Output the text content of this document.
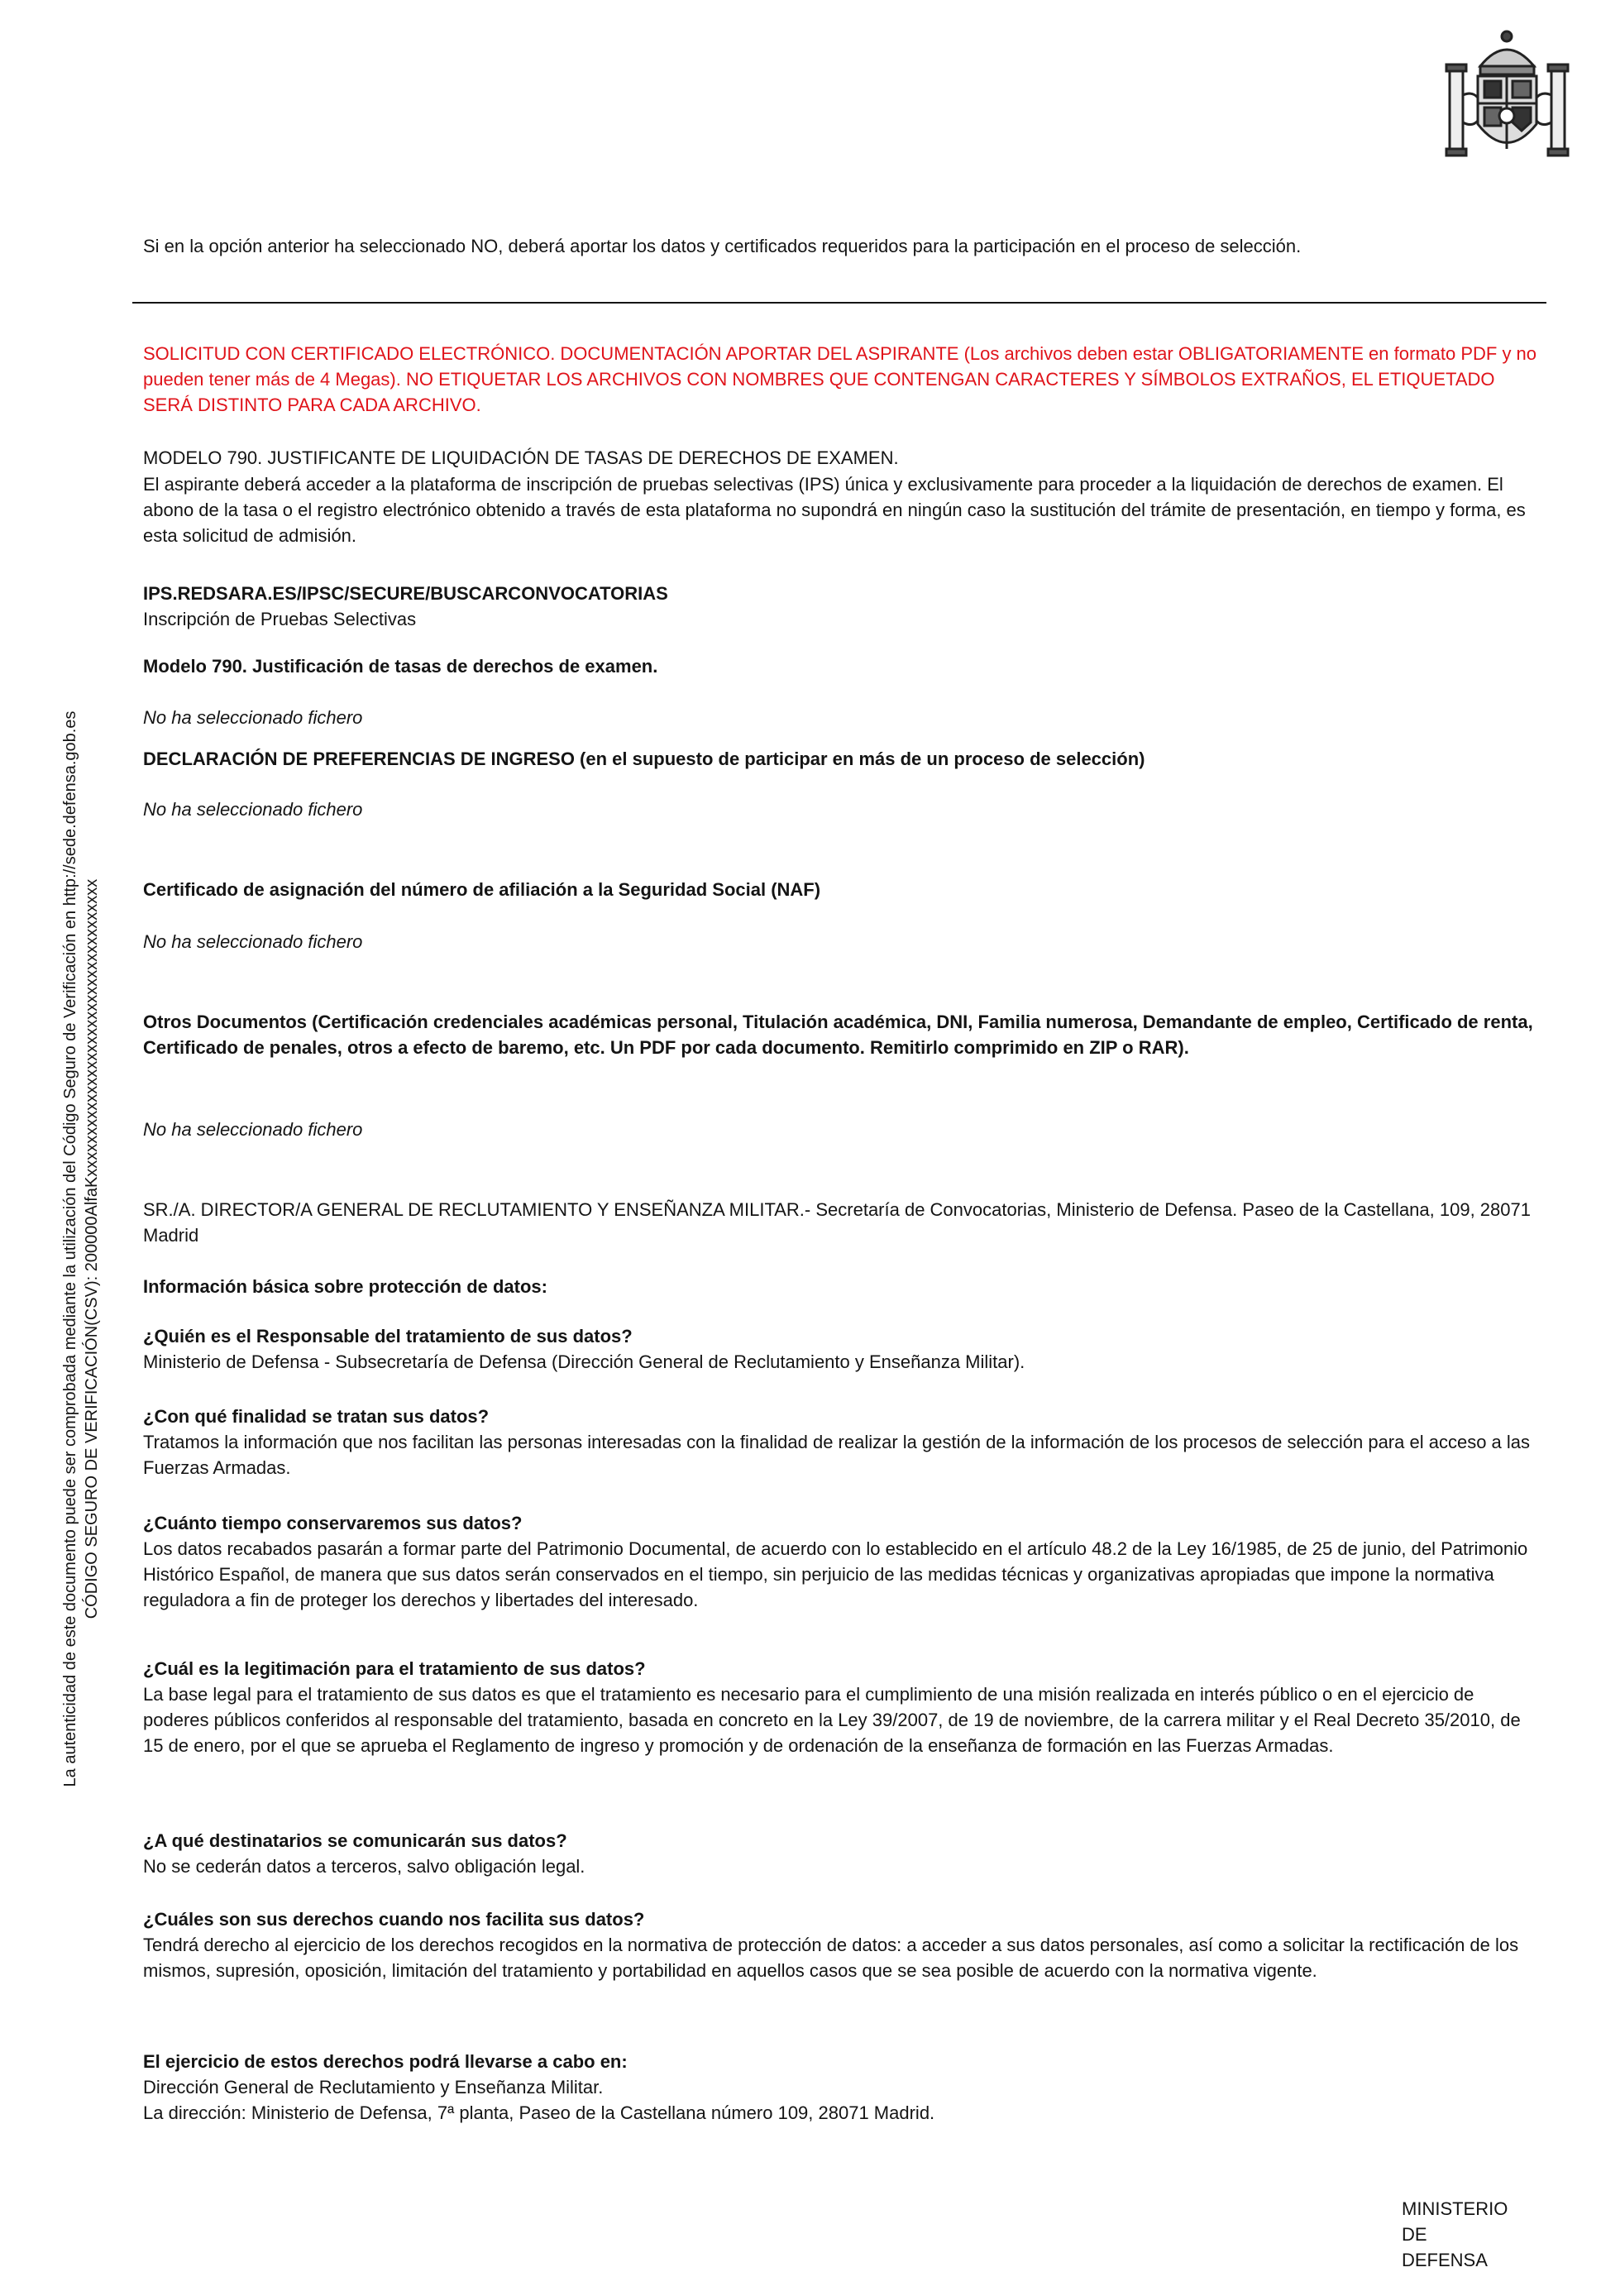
La autenticidad de este documento puede ser comprobada mediante la utilización del Código Seguro de Verificación en http://sede.defensa.gob.es CÓDIGO SEGURO DE VERIFICACIÓN(CSV): 200000AlfaKxxxxxxxxxxxxxxxxxxxxxxxxxxxxxxxxxxxx

Si en la opción anterior ha seleccionado NO, deberá aportar los datos y certificados requeridos para la participación en el proceso de selección.

SOLICITUD CON CERTIFICADO ELECTRÓNICO. DOCUMENTACIÓN APORTAR DEL ASPIRANTE (Los archivos deben estar OBLIGATORIAMENTE en formato PDF y no pueden tener más de 4 Megas). NO ETIQUETAR LOS ARCHIVOS CON NOMBRES QUE CONTENGAN CARACTERES Y SÍMBOLOS EXTRAÑOS, EL ETIQUETADO SERÁ DISTINTO PARA CADA ARCHIVO.

MODELO 790. JUSTIFICANTE DE LIQUIDACIÓN DE TASAS DE DERECHOS DE EXAMEN.

El aspirante deberá acceder a la plataforma de inscripción de pruebas selectivas (IPS) única y exclusivamente para proceder a la liquidación de derechos de examen. El abono de la tasa o el registro electrónico obtenido a través de esta plataforma no supondrá en ningún caso la sustitución del trámite de presentación, en tiempo y forma, es esta solicitud de admisión.

IPS.REDSARA.ES/IPSC/SECURE/BUSCARCONVOCATORIAS

Inscripción de Pruebas Selectivas

Modelo 790. Justificación de tasas de derechos de examen.

No ha seleccionado fichero

DECLARACIÓN DE PREFERENCIAS DE INGRESO (en el supuesto de participar en más de un proceso de selección)

No ha seleccionado fichero

Certificado de asignación del número de afiliación a la Seguridad Social (NAF)

No ha seleccionado fichero

Otros Documentos (Certificación credenciales académicas personal, Titulación académica, DNI, Familia numerosa, Demandante de empleo, Certificado de renta, Certificado de penales, otros a efecto de baremo, etc. Un PDF por cada documento. Remitirlo comprimido en ZIP o RAR).

No ha seleccionado fichero

SR./A. DIRECTOR/A GENERAL DE RECLUTAMIENTO Y ENSEÑANZA MILITAR.- Secretaría de Convocatorias, Ministerio de Defensa. Paseo de la Castellana, 109, 28071 Madrid

Información básica sobre protección de datos:

¿Quién es el Responsable del tratamiento de sus datos?
Ministerio de Defensa - Subsecretaría de Defensa (Dirección General de Reclutamiento y Enseñanza Militar).
¿Con qué finalidad se tratan sus datos?
Tratamos la información que nos facilitan las personas interesadas con la finalidad de realizar la gestión de la información de los procesos de selección para el acceso a las Fuerzas Armadas.
¿Cuánto tiempo conservaremos sus datos?
Los datos recabados pasarán a formar parte del Patrimonio Documental, de acuerdo con lo establecido en el artículo 48.2 de la Ley 16/1985, de 25 de junio, del Patrimonio Histórico Español, de manera que sus datos serán conservados en el tiempo, sin perjuicio de las medidas técnicas y organizativas apropiadas que impone la normativa reguladora a fin de proteger los derechos y libertades del interesado.
¿Cuál es la legitimación para el tratamiento de sus datos?
La base legal para el tratamiento de sus datos es que el tratamiento es necesario para el cumplimiento de una misión realizada en interés público o en el ejercicio de poderes públicos conferidos al responsable del tratamiento, basada en concreto en la Ley 39/2007, de 19 de noviembre, de la carrera militar y el Real Decreto 35/2010, de 15 de enero, por el que se aprueba el Reglamento de ingreso y promoción y de ordenación de la enseñanza de formación en las Fuerzas Armadas.
¿A qué destinatarios se comunicarán sus datos?
No se cederán datos a terceros, salvo obligación legal.
¿Cuáles son sus derechos cuando nos facilita sus datos?
Tendrá derecho al ejercicio de los derechos recogidos en la normativa de protección de datos: a acceder a sus datos personales, así como a solicitar la rectificación de los mismos, supresión, oposición, limitación del tratamiento y portabilidad en aquellos casos que se sea posible de acuerdo con la normativa vigente.
El ejercicio de estos derechos podrá llevarse a cabo en:
Dirección General de Reclutamiento y Enseñanza Militar.
La dirección: Ministerio de Defensa, 7ª planta, Paseo de la Castellana número 109, 28071 Madrid.
MINISTERIO
DE
DEFENSA
